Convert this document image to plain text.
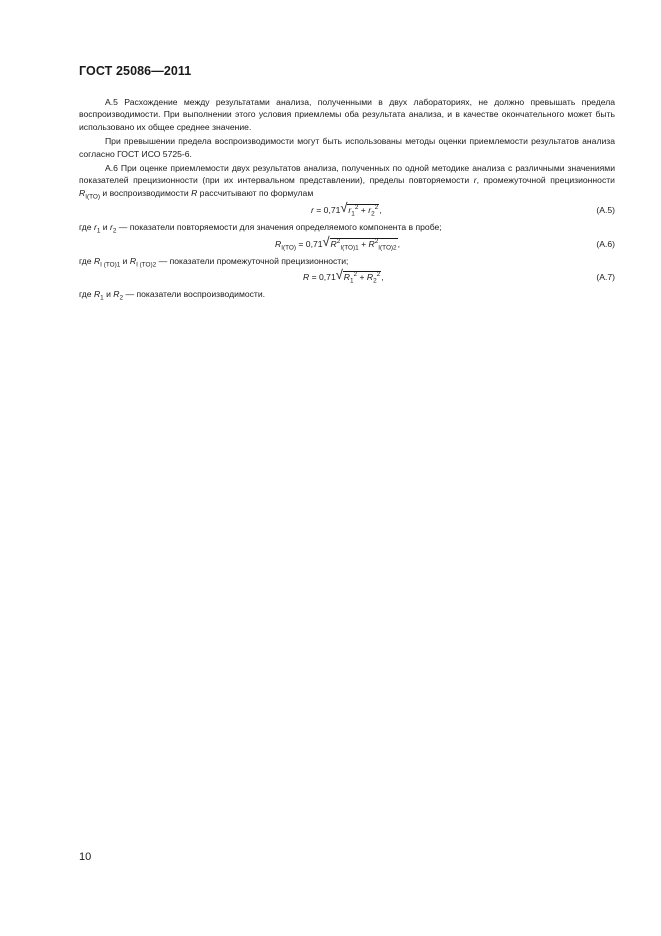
ГОСТ 25086—2011

А.5 Расхождение между результатами анализа, полученными в двух лабораториях, не должно превышать предела воспроизводимости. При выполнении этого условия приемлемы оба результата анализа, и в качестве окончательного может быть использовано их общее среднее значение.

При превышении предела воспроизводимости могут быть использованы методы оценки приемлемости результатов анализа согласно ГОСТ ИСО 5725-6.

А.6 При оценке приемлемости двух результатов анализа, полученных по одной методике анализа с различными значениями показателей прецизионности (при их интервальном представлении), пределы повторяемости r, промежуточной прецизионности $R_{I(TO)}$ и воспроизводимости R рассчитывают по формулам

r = 0,71 √ $r_1^2 + r_2^2$,	(А.5)

где $r_1$ и $r_2$ — показатели повторяемости для значения определяемого компонента в пробе;

$R_{I(TO)} = 0,71$ √ $R^2_{I(TO)1} + R^2_{I(TO)2}$,	(А.6)

где $R_{I (TO)1}$ и $R_{I (TO)2}$ — показатели промежуточной прецизионности;

R = 0,71 √ $R_1^2 + R_2^2$,	(А.7)

где $R_1$ и $R_2$ — показатели воспроизводимости.

10
